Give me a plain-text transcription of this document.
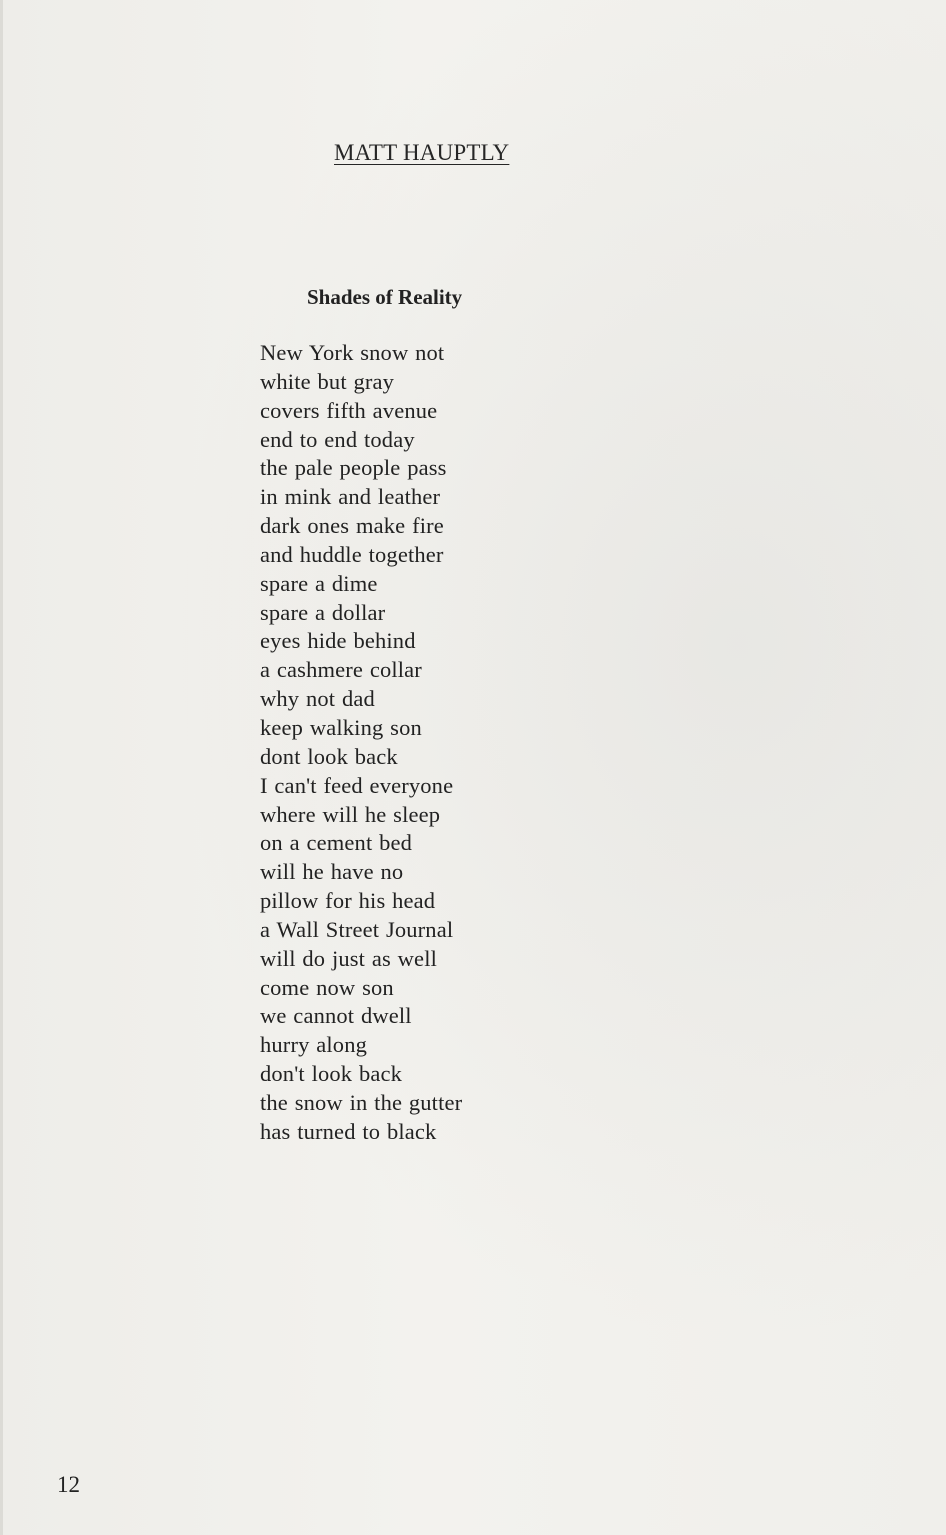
MATT HAUPTLY
Shades of Reality
New York snow not
white but gray
covers fifth avenue
end to end today
the pale people pass
in mink and leather
dark ones make fire
and huddle together
spare a dime
spare a dollar
eyes hide behind
a cashmere collar
why not dad
keep walking son
dont look back
I can't feed everyone
where will he sleep
on a cement bed
will he have no
pillow for his head
a Wall Street Journal
will do just as well
come now son
we cannot dwell
hurry along
don't look back
the snow in the gutter
has turned to black
12
